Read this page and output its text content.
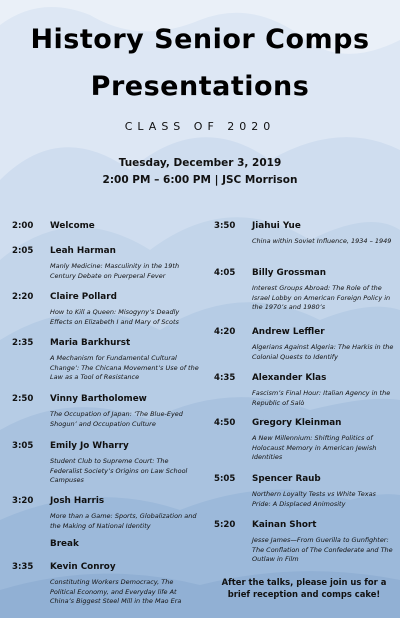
History Senior Comps
Presentations
CLASS OF 2020
Tuesday, December 3, 2019
2:00 PM – 6:00 PM | JSC Morrison
2:00 Welcome
2:05 Leah Harman
Manly Medicine: Masculinity in the 19th Century Debate on Puerperal Fever
2:20 Claire Pollard
How to Kill a Queen: Misogyny’s Deadly Effects on Elizabeth I and Mary of Scots
2:35 Maria Barkhurst
A Mechanism for Fundamental Cultural Change’: The Chicana Movement’s Use of the Law as a Tool of Resistance
2:50 Vinny Bartholomew
The Occupation of Japan: ‘The Blue-Eyed Shogun’ and Occupation Culture
3:05 Emily Jo Wharry
Student Club to Supreme Court: The Federalist Society’s Origins on Law School Campuses
3:20 Josh Harris
More than a Game: Sports, Globalization and the Making of National Identity
Break
3:35 Kevin Conroy
Constituting Workers Democracy, The Political Economy, and Everyday life At China’s Biggest Steel Mill in the Mao Era
3:50 Jiahui Yue
China within Soviet Influence, 1934 – 1949
4:05 Billy Grossman
Interest Groups Abroad: The Role of the Israel Lobby on American Foreign Policy in the 1970’s and 1980’s
4:20 Andrew Leffler
Algerians Against Algeria: The Harkis in the Colonial Quests to Identify
4:35 Alexander Klas
Fascism’s Final Hour: Italian Agency in the Republic of Salò
4:50 Gregory Kleinman
A New Millennium: Shifting Politics of Holocaust Memory in American Jewish Identities
5:05 Spencer Raub
Northern Loyalty Tests vs White Texas Pride: A Displaced Animosity
5:20 Kainan Short
Jesse James—From Guerilla to Gunfighter: The Conflation of The Confederate and The Outlaw in Film
After the talks, please join us for a brief reception and comps cake!
